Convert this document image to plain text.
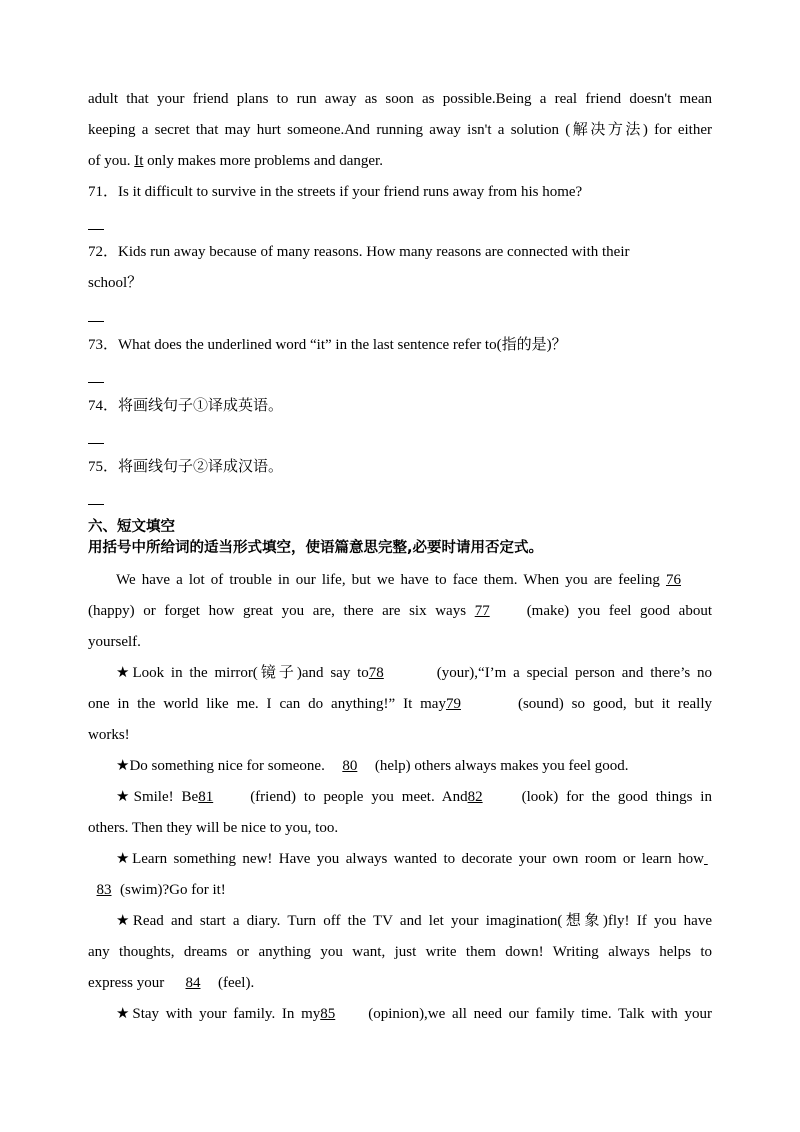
adult that your friend plans to run away as soon as possible.Being a real friend doesn't mean
keeping a secret that may hurt someone.And running away isn't a solution (解决方法) for either
of you. It only makes more problems and danger.
71．Is it difficult to survive in the streets if your friend runs away from his home?
72．Kids run away because of many reasons. How many reasons are connected with their
school？
73．What does the underlined word “it” in the last sentence refer to(指的是)？
74．将画线句子①译成英语。
75．将画线句子②译成汉语。
六、短文填空
用括号中所给词的适当形式填空，使语篇意思完整,必要时请用否定式。
We have a lot of trouble in our life, but we have to face them. When you are feeling 76
(happy) or forget how great you are, there are six ways 77 (make) you feel good about
yourself.
★Look in the mirror(镜子)and say to78	(your),“I’m a special person and there’s no
one in the world like me. I can do anything!” It may79	(sound) so good, but it really
works!
★Do something nice for someone. 80 (help) others always makes you feel good.
★Smile! Be81 (friend) to people you meet. And82	(look) for the good things in
others. Then they will be nice to you, too.
★Learn something new! Have you always wanted to decorate your own room or learn how
83 (swim)?Go for it!
★Read and start a diary. Turn off the TV and let your imagination(想象)fly! If you have
any thoughts, dreams or anything you want, just write them down! Writing always helps to
express your 84 (feel).
★Stay with your family. In my85 (opinion),we all need our family time. Talk with your
